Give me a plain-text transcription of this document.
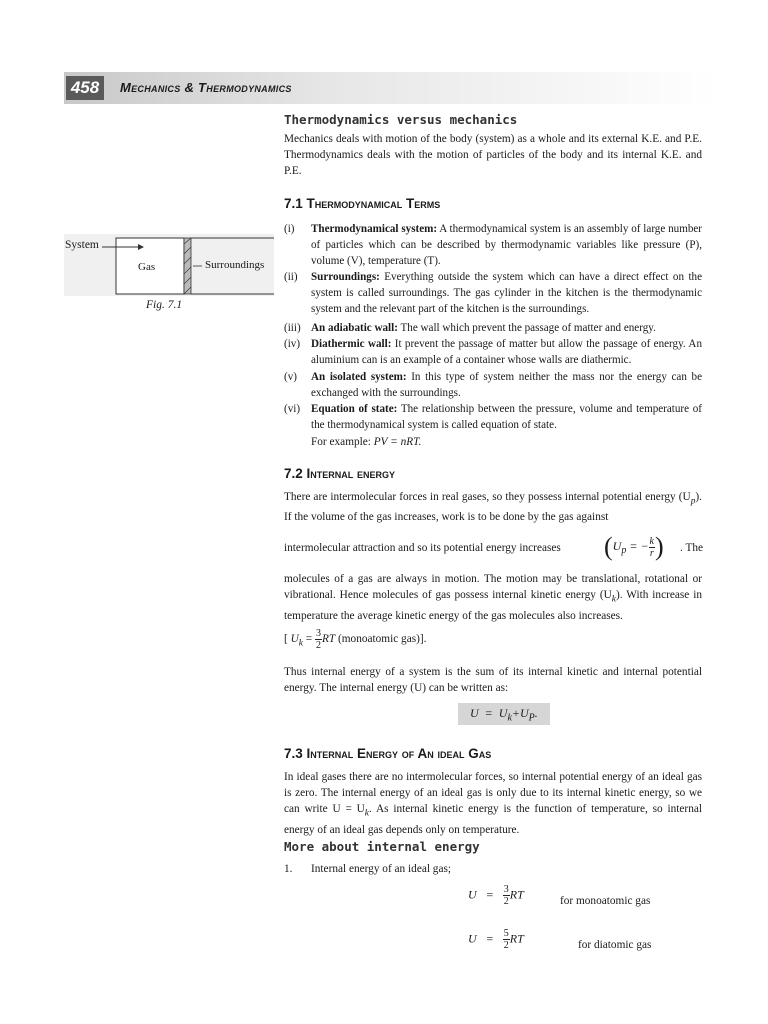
458	Mechanics & Thermodynamics
Thermodynamics versus mechanics
Mechanics deals with motion of the body (system) as a whole and its external K.E. and P.E. Thermodynamics deals with the motion of particles of the body and its internal K.E. and P.E.
7.1 Thermodynamical Terms
(i) Thermodynamical system: A thermodynamical system is an assembly of large number of particles which can be described by thermodynamic variables like pressure (P), volume (V), temperature (T).
(ii) Surroundings: Everything outside the system which can have a direct effect on the system is called surroundings. The gas cylinder in the kitchen is the thermodynamic system and the relevant part of the kitchen is the surroundings.
(iii) An adiabatic wall: The wall which prevent the passage of matter and energy.
(iv) Diathermic wall: It prevent the passage of matter but allow the passage of energy. An aluminium can is an example of a container whose walls are diathermic.
(v) An isolated system: In this type of system neither the mass nor the energy can be exchanged with the surroundings.
(vi) Equation of state: The relationship between the pressure, volume and temperature of the thermodynamical system is called equation of state.
For example: PV = nRT.
System
Gas	Surroundings
Fig. 7.1
7.2 Internal energy
There are intermolecular forces in real gases, so they possess internal potential energy $(U_p)$. If the volume of the gas increases, work is to be done by the gas against
intermolecular attraction and so its potential energy increases	($U_p$ = − $\frac{k}{r}$ ) . The
molecules of a gas are always in motion. The motion may be translational, rotational or vibrational. Hence molecules of gas possess internal kinetic energy $(U_k)$. With increase in temperature the average kinetic energy of the gas molecules also increases.
[ $U_k = \frac{3}{2}$ RT (monoatomic gas)].
Thus internal energy of a system is the sum of its internal kinetic and internal potential energy. The internal energy (U) can be written as:
$U = U_k+U_P$.
7.3 Internal Energy of An ideal Gas
In ideal gases there are no intermolecular forces, so internal potential energy of an ideal gas is zero. The internal energy of an ideal gas is only due to its internal kinetic energy, so we can write $U = U_k$. As internal kinetic energy is the function of temperature, so internal energy of an ideal gas depends only on temperature.
More about internal energy
1. Internal energy of an ideal gas;
$U = \frac{3}{2}$ RT	for monoatomic gas
$U = \frac{5}{2}$ RT	for diatomic gas
